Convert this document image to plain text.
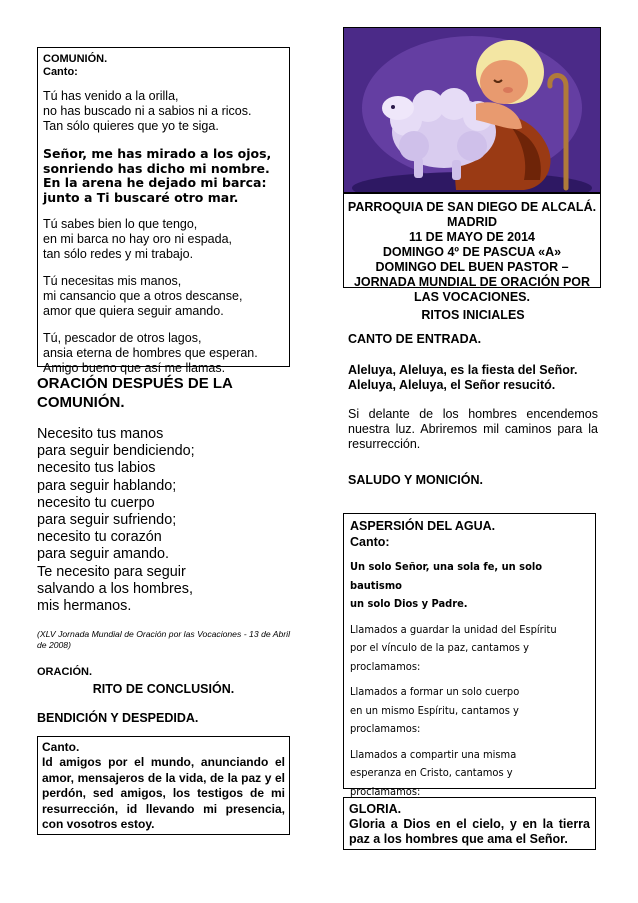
COMUNIÓN.

Canto:

Tú has venido a la orilla,
no has buscado ni a sabios ni a ricos.
Tan sólo quieres que yo te siga.

Señor, me has mirado a los ojos,
sonriendo has dicho mi nombre.
En la arena he dejado mi barca:
junto a Ti buscaré otro mar.

Tú sabes bien lo que tengo,
en mi barca no hay oro ni espada,
tan sólo redes y mi trabajo.

Tú necesitas mis manos,
mi cansancio que a otros descanse,
amor que quiera seguir amando.

Tú, pescador de otros lagos,
ansia eterna de hombres que esperan.
Amigo bueno que así me llamas.

ORACIÓN DESPUÉS DE LA
COMUNIÓN.

Necesito tus manos
para seguir bendiciendo;
necesito tus labios
para seguir hablando;
necesito tu cuerpo
para seguir sufriendo;
necesito tu corazón
para seguir amando.
Te necesito para seguir
salvando a los hombres,
mis hermanos.

(XLV Jornada Mundial de Oración por las Vocaciones - 13 de Abril de 2008)

ORACIÓN.

RITO DE CONCLUSIÓN.

BENDICIÓN Y DESPEDIDA.

Canto.

Id amigos por el mundo, anunciando el amor, mensajeros de la vida, de la paz y el perdón, sed amigos, los testigos de mi resurrección, id llevando mi presencia, con vosotros estoy.

PARROQUIA DE SAN DIEGO DE ALCALÁ.

MADRID

11 DE MAYO DE 2014

DOMINGO 4º DE PASCUA «A»

DOMINGO DEL BUEN PASTOR –

JORNADA MUNDIAL DE ORACIÓN POR

LAS VOCACIONES.

RITOS INICIALES

CANTO DE ENTRADA.

Aleluya, Aleluya, es la fiesta del Señor.
Aleluya, Aleluya, el Señor resucitó.

Si delante de los hombres encendemos nuestra luz. Abriremos mil caminos para la resurrección.

SALUDO Y MONICIÓN.

ASPERSIÓN DEL AGUA.

Canto:

Un solo Señor, una sola fe, un solo bautismo
un solo Dios y Padre.

Llamados a guardar la unidad del Espíritu
por el vínculo de la paz, cantamos y
proclamamos:

Llamados a formar un solo cuerpo
en un mismo Espíritu, cantamos y
proclamamos:

Llamados a compartir una misma
esperanza en Cristo, cantamos y
proclamamos:

GLORIA.

Gloria a Dios en el cielo, y en la tierra paz a los hombres que ama el Señor.
